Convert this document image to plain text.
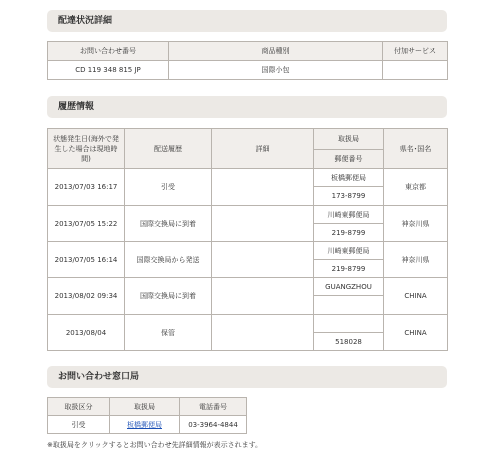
配達状況詳細
お問い合わせ番号	商品種別	付加サービス
CD 119 348 815 JP	国際小包	
履歴情報
状態発生日(海外で発生した場合は現地時間)	配送履歴	詳細	取扱局	県名･国名
			郵便番号	
2013/07/03 16:17	引受		板橋郵便局	東京都
			173-8799	
2013/07/05 15:22	国際交換局に到着		川崎東郵便局	神奈川県
			219-8799	
2013/07/05 16:14	国際交換局から発送		川崎東郵便局	神奈川県
			219-8799	
2013/08/02 09:34	国際交換局に到着		GUANGZHOU	CHINA

2013/08/04	保管			CHINA
			518028	
お問い合わせ窓口局
取扱区分	取扱局	電話番号
引受	板橋郵便局	03-3964-4844
※取扱局をクリックするとお問い合わせ先詳細情報が表示されます。
